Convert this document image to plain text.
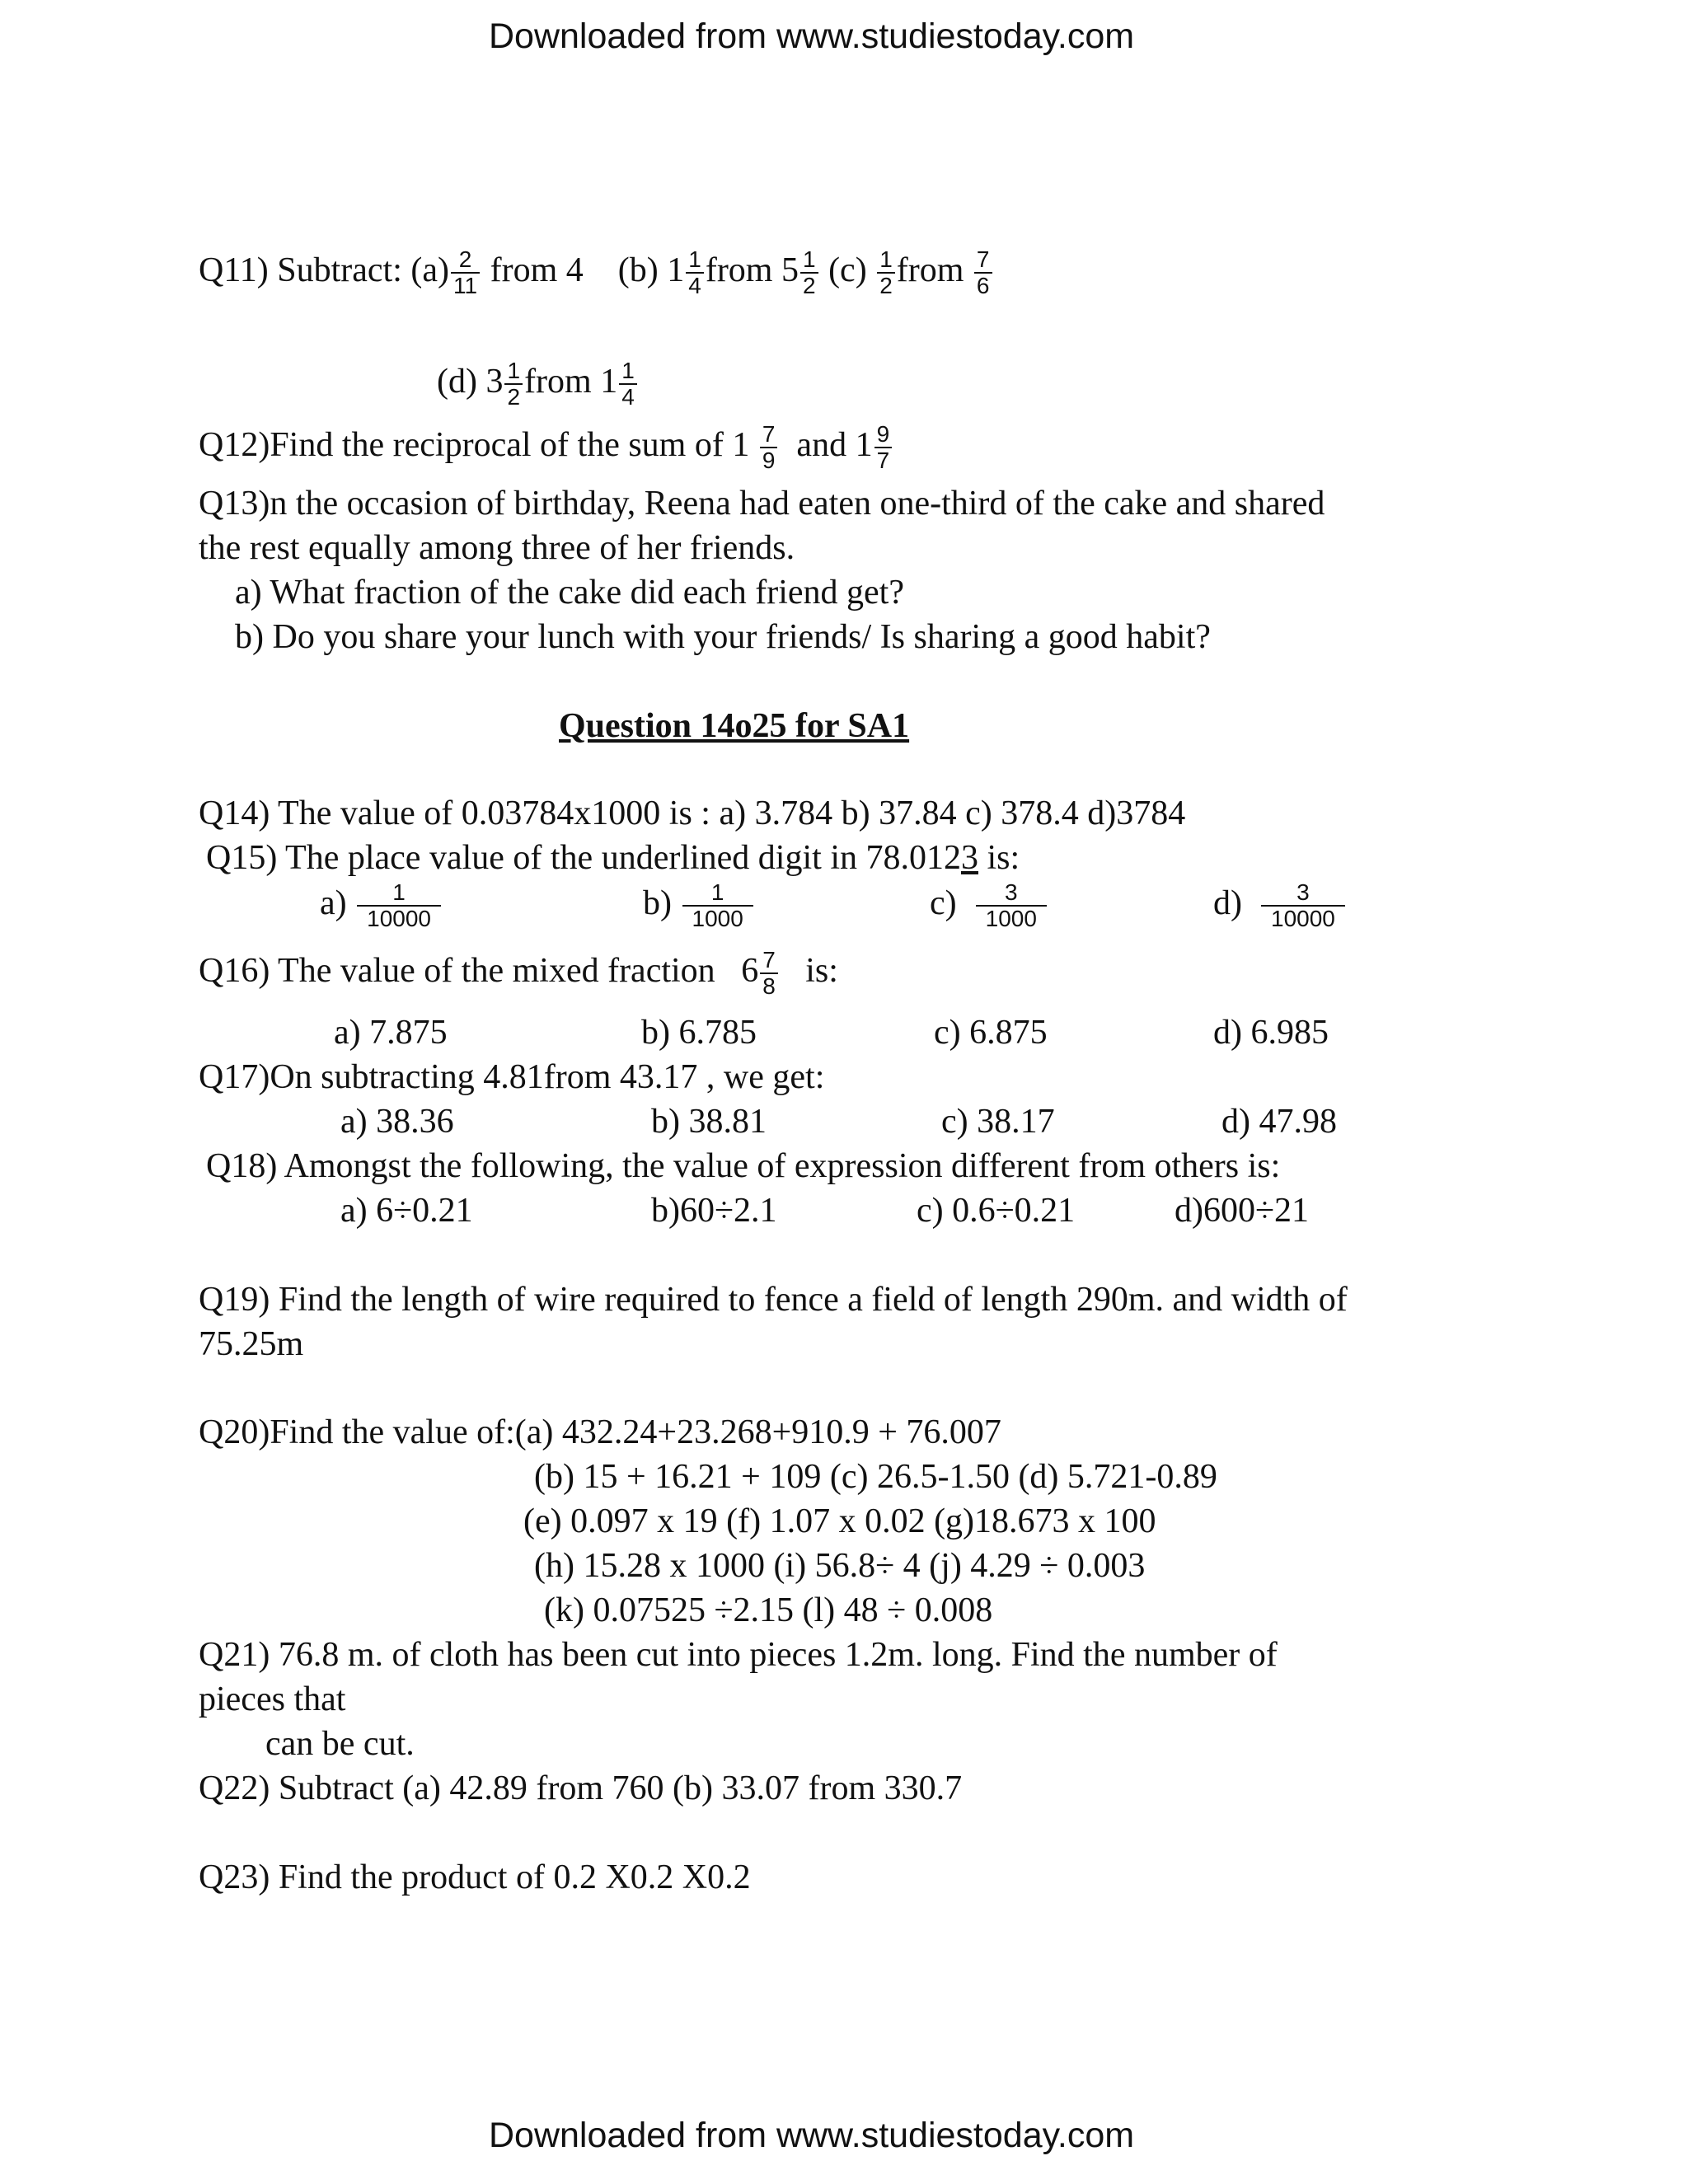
Downloaded from www.studiestoday.com
Q11) Subtract: $(a) \frac{2}{11}$ from 4 (b) $1 \frac{1}{4}$ from $5 \frac{1}{2} (c) \frac{1}{2}$ from $\frac{7}{6}$
(d) $3 \frac{1}{2}$ from $1 \frac{1}{4}$
Q12)Find the reciprocal of the sum of $1 \frac{7}{9}$ and $1 \frac{9}{7}$
Q13)n the occasion of birthday, Reena had eaten one-third of the cake and shared
the rest equally among three of her friends.
a) What fraction of the cake did each friend get?
b) Do you share your lunch with your friends/ Is sharing a good habit?
Question 14o25 for SA1
Q14) The value of 0.03784x1000 is : a) 3.784 b) 37.84 c) 378.4 d)3784
Q15) The place value of the underlined digit in 78.0123 is:
$a) \frac{1}{10000}$	$b) \frac{1}{1000}$	$c) \frac{3}{1000}$	$d) \frac{3}{10000}$
Q16) The value of the mixed fraction $6 \frac{7}{8}$ is:
a) 7.875	b) 6.785	c) 6.875	d) 6.985
Q17)On subtracting 4.81from 43.17 , we get:
a) 38.36	b) 38.81	c) 38.17	d) 47.98
Q18) Amongst the following, the value of expression different from others is:
a) 6÷0.21	b)60÷2.1	c) 0.6÷0.21	d)600÷21
Q19) Find the length of wire required to fence a field of length 290m. and width of
75.25m
Q20)Find the value of:(a) 432.24+23.268+910.9 + 76.007
(b) 15 + 16.21 + 109 (c) 26.5-1.50 (d) 5.721-0.89
(e) 0.097 x 19 (f) 1.07 x 0.02 (g)18.673 x 100
(h) 15.28 x 1000 (i) 56.8÷ 4 (j) 4.29 ÷ 0.003
(k) 0.07525 ÷2.15 (l) 48 ÷ 0.008
Q21) 76.8 m. of cloth has been cut into pieces 1.2m. long. Find the number of
pieces that
can be cut.
Q22) Subtract (a) 42.89 from 760 (b) 33.07 from 330.7
Q23) Find the product of 0.2 X0.2 X0.2
Downloaded from www.studiestoday.com
